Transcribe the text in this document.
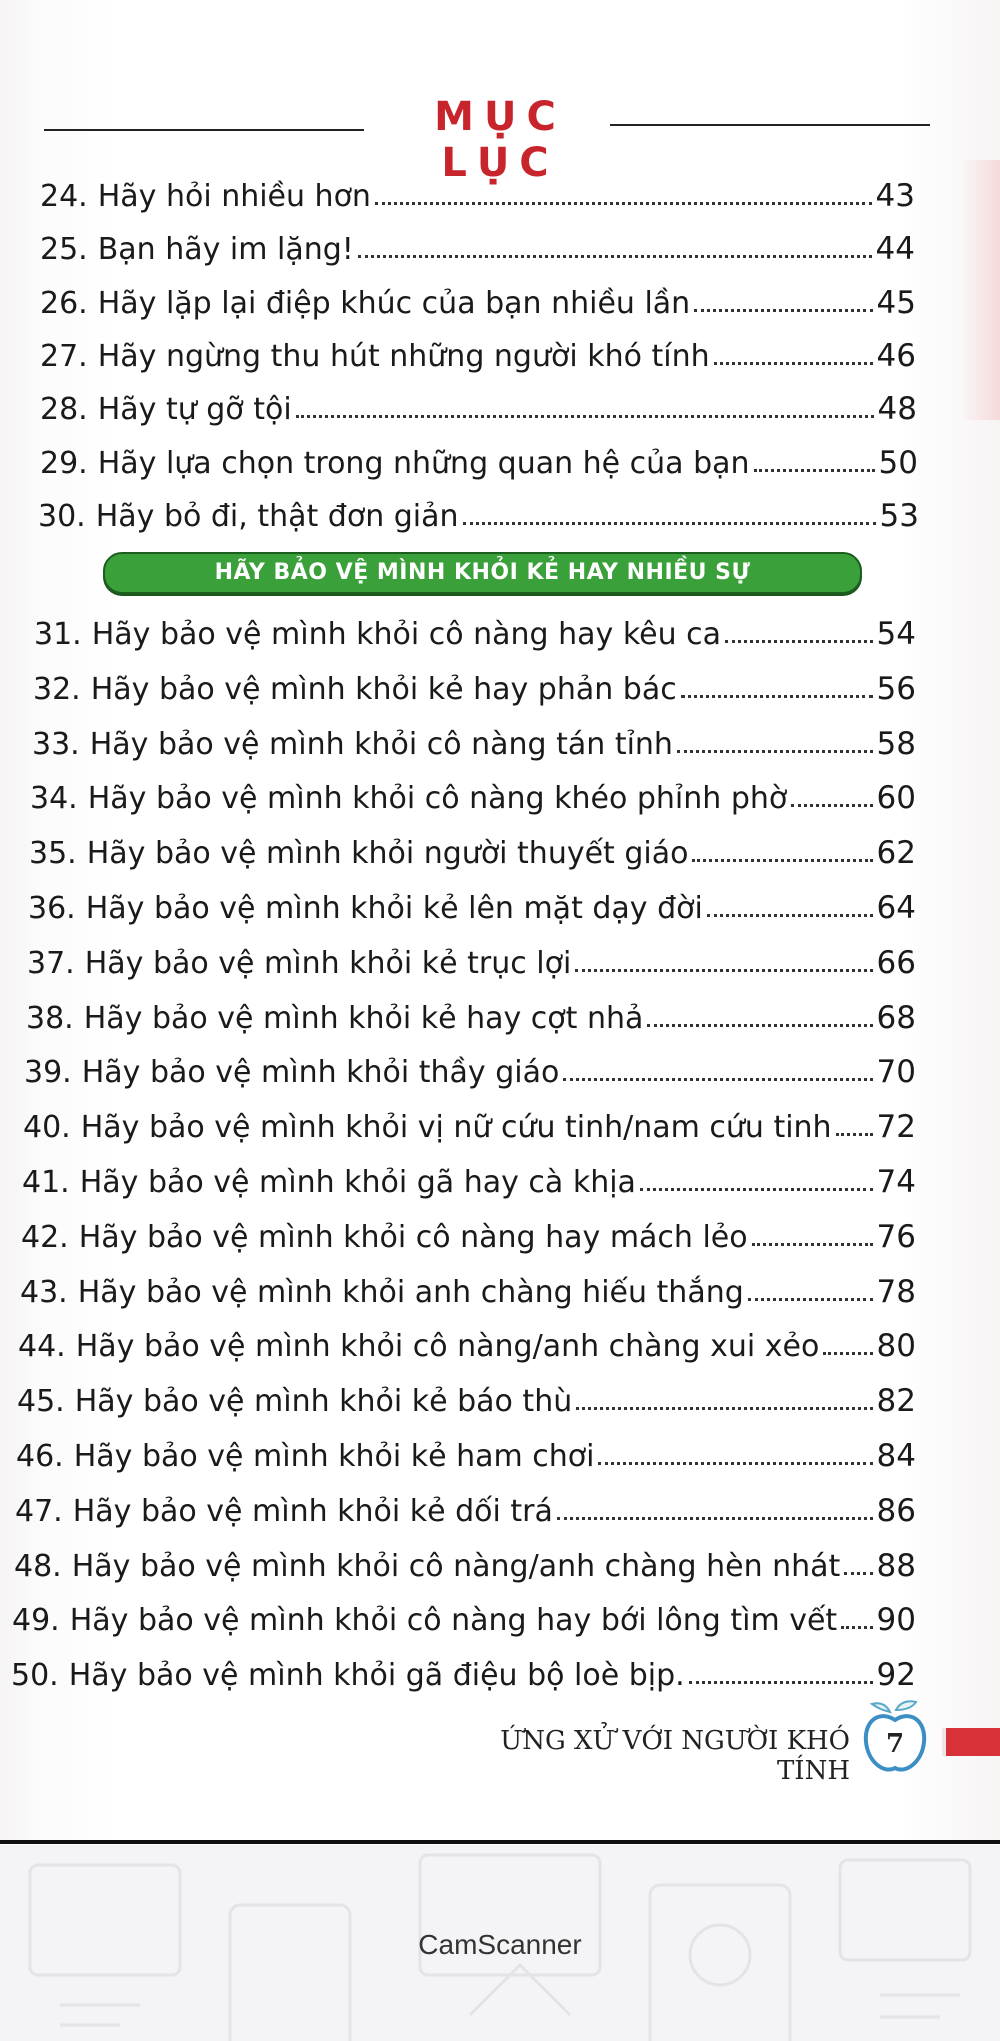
MỤC LỤC
24. Hãy hỏi nhiều hơn	43
25. Bạn hãy im lặng!	44
26. Hãy lặp lại điệp khúc của bạn nhiều lần	45
27. Hãy ngừng thu hút những người khó tính	46
28. Hãy tự gỡ tội	48
29. Hãy lựa chọn trong những quan hệ của bạn	50
30. Hãy bỏ đi, thật đơn giản	53
31. Hãy bảo vệ mình khỏi cô nàng hay kêu ca	54
32. Hãy bảo vệ mình khỏi kẻ hay phản bác	56
33. Hãy bảo vệ mình khỏi cô nàng tán tỉnh	58
34. Hãy bảo vệ mình khỏi cô nàng khéo phỉnh phờ	60
35. Hãy bảo vệ mình khỏi người thuyết giáo	62
36. Hãy bảo vệ mình khỏi kẻ lên mặt dạy đời	64
37. Hãy bảo vệ mình khỏi kẻ trục lợi	66
38. Hãy bảo vệ mình khỏi kẻ hay cợt nhả	68
39. Hãy bảo vệ mình khỏi thầy giáo	70
40. Hãy bảo vệ mình khỏi vị nữ cứu tinh/nam cứu tinh 72
41. Hãy bảo vệ mình khỏi gã hay cà khịa	74
42. Hãy bảo vệ mình khỏi cô nàng hay mách lẻo	76
43. Hãy bảo vệ mình khỏi anh chàng hiếu thắng	78
44. Hãy bảo vệ mình khỏi cô nàng/anh chàng xui xẻo 80
45. Hãy bảo vệ mình khỏi kẻ báo thù	82
46. Hãy bảo vệ mình khỏi kẻ ham chơi	84
47. Hãy bảo vệ mình khỏi kẻ dối trá	86
48. Hãy bảo vệ mình khỏi cô nàng/anh chàng hèn nhát 88
49. Hãy bảo vệ mình khỏi cô nàng hay bới lông tìm vết 90
50. Hãy bảo vệ mình khỏi gã điệu bộ loè bịp.	92
HÃY BẢO VỆ MÌNH KHỎI KẺ HAY NHIỀU SỰ
ỨNG XỬ VỚI NGƯỜI KHÓ TÍNH
7
CamScanner
